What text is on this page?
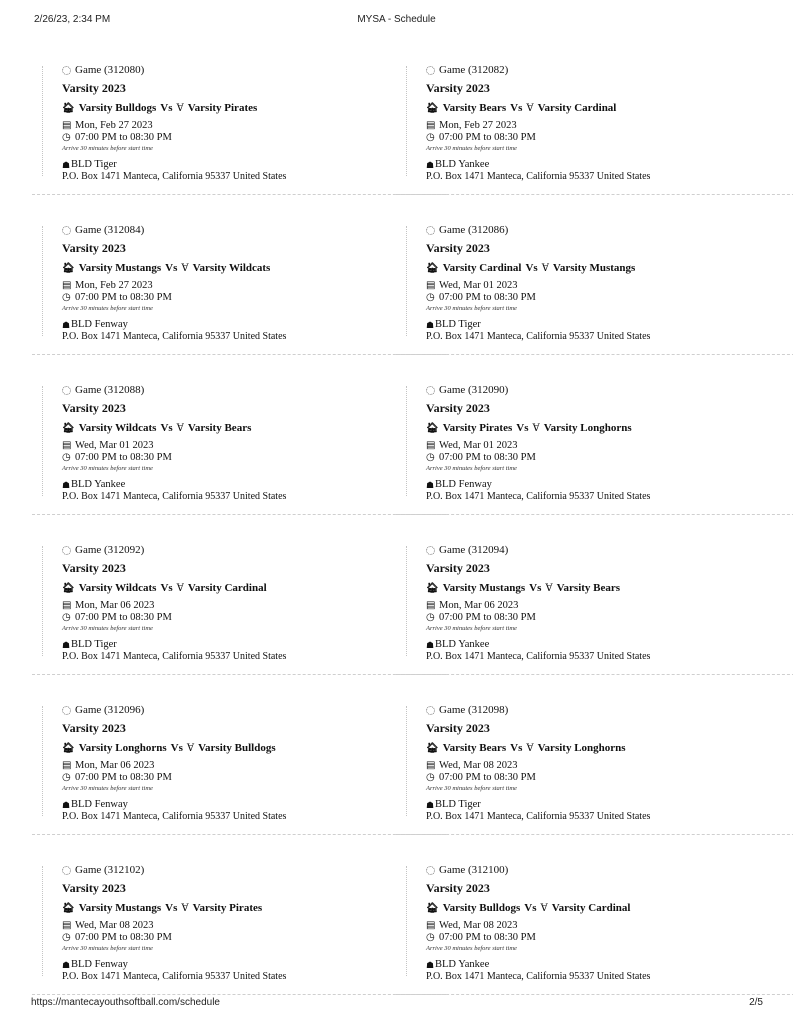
2/26/23, 2:34 PM	MYSA - Schedule
Game (312080)
Varsity 2023
🏠︎ Varsity Bulldogs Vs Ɐ Varsity Pirates
▤ Mon, Feb 27 2023
◷ 07:00 PM to 08:30 PM
Arrive 30 minutes before start time
☗ BLD Tiger
P.O. Box 1471 Manteca, California 95337 United States
Game (312082)
Varsity 2023
🏠︎ Varsity Bears Vs Ɐ Varsity Cardinal
▤ Mon, Feb 27 2023
◷ 07:00 PM to 08:30 PM
Arrive 30 minutes before start time
☗ BLD Yankee
P.O. Box 1471 Manteca, California 95337 United States
Game (312084)
Varsity 2023
🏠︎ Varsity Mustangs Vs Ɐ Varsity Wildcats
▤ Mon, Feb 27 2023
◷ 07:00 PM to 08:30 PM
Arrive 30 minutes before start time
☗ BLD Fenway
P.O. Box 1471 Manteca, California 95337 United States
Game (312086)
Varsity 2023
🏠︎ Varsity Cardinal Vs Ɐ Varsity Mustangs
▤ Wed, Mar 01 2023
◷ 07:00 PM to 08:30 PM
Arrive 30 minutes before start time
☗ BLD Tiger
P.O. Box 1471 Manteca, California 95337 United States
Game (312088)
Varsity 2023
🏠︎ Varsity Wildcats Vs Ɐ Varsity Bears
▤ Wed, Mar 01 2023
◷ 07:00 PM to 08:30 PM
Arrive 30 minutes before start time
☗ BLD Yankee
P.O. Box 1471 Manteca, California 95337 United States
Game (312090)
Varsity 2023
🏠︎ Varsity Pirates Vs Ɐ Varsity Longhorns
▤ Wed, Mar 01 2023
◷ 07:00 PM to 08:30 PM
Arrive 30 minutes before start time
☗ BLD Fenway
P.O. Box 1471 Manteca, California 95337 United States
Game (312092)
Varsity 2023
🏠︎ Varsity Wildcats Vs Ɐ Varsity Cardinal
▤ Mon, Mar 06 2023
◷ 07:00 PM to 08:30 PM
Arrive 30 minutes before start time
☗ BLD Tiger
P.O. Box 1471 Manteca, California 95337 United States
Game (312094)
Varsity 2023
🏠︎ Varsity Mustangs Vs Ɐ Varsity Bears
▤ Mon, Mar 06 2023
◷ 07:00 PM to 08:30 PM
Arrive 30 minutes before start time
☗ BLD Yankee
P.O. Box 1471 Manteca, California 95337 United States
Game (312096)
Varsity 2023
🏠︎ Varsity Longhorns Vs Ɐ Varsity Bulldogs
▤ Mon, Mar 06 2023
◷ 07:00 PM to 08:30 PM
Arrive 30 minutes before start time
☗ BLD Fenway
P.O. Box 1471 Manteca, California 95337 United States
Game (312098)
Varsity 2023
🏠︎ Varsity Bears Vs Ɐ Varsity Longhorns
▤ Wed, Mar 08 2023
◷ 07:00 PM to 08:30 PM
Arrive 30 minutes before start time
☗ BLD Tiger
P.O. Box 1471 Manteca, California 95337 United States
Game (312102)
Varsity 2023
🏠︎ Varsity Mustangs Vs Ɐ Varsity Pirates
▤ Wed, Mar 08 2023
◷ 07:00 PM to 08:30 PM
Arrive 30 minutes before start time
☗ BLD Fenway
P.O. Box 1471 Manteca, California 95337 United States
Game (312100)
Varsity 2023
🏠︎ Varsity Bulldogs Vs Ɐ Varsity Cardinal
▤ Wed, Mar 08 2023
◷ 07:00 PM to 08:30 PM
Arrive 30 minutes before start time
☗ BLD Yankee
P.O. Box 1471 Manteca, California 95337 United States
https://mantecayouthsoftball.com/schedule	2/5
